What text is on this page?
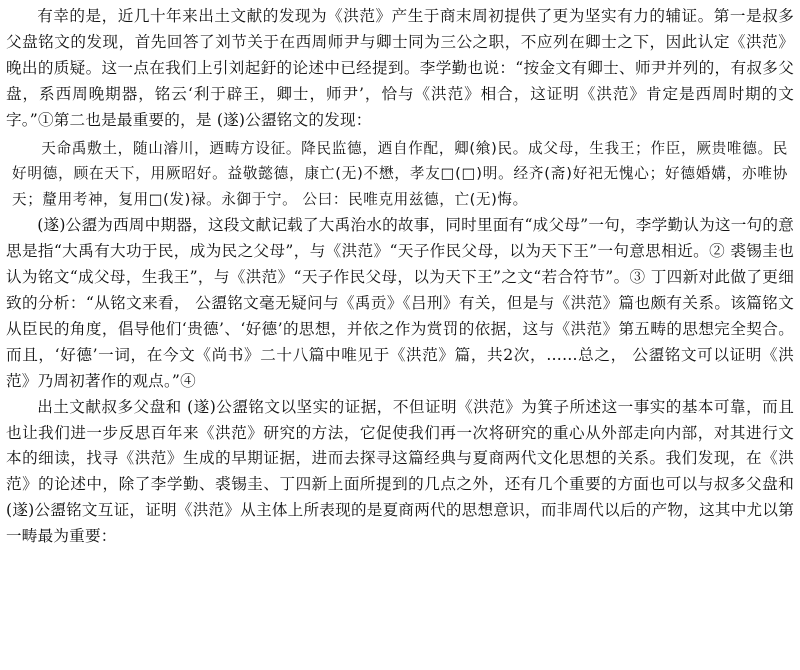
有幸的是，近几十年来出土文献的发现为《洪范》产生于商末周初提供了更为坚实有力的辅证。第一是叔多父盘铭文的发现，首先回答了刘节关于在西周师尹与卿士同为三公之职，不应列在卿士之下，因此认定《洪范》晚出的质疑。这一点在我们上引刘起釪的论述中已经提到。李学勤也说：“按金文有卿士、师尹并列的，有叔多父盘，系西周晚期器，铭云‘利于辟王，卿士，师尹’，恰与《洪范》相合，这证明《洪范》肯定是西周时期的文字。”①第二也是最重要的，是 (遂)公盨铭文的发现：

天命禹敷土，随山濬川，迺畴方设征。降民监德，迺自作配，卿(飨)民。成父母，生我王；作臣，厥贵唯德。民好明德，顾在天下，用厥昭好。益敬懿德，康亡(无)不懋，孝友□(□)明。经齐(斋)好祀无愧心；好德婚媾，亦唯协天；釐用考神，复用□(发)禄。永御于宁。 公曰：民唯克用兹德，亡(无)悔。

(遂)公盨为西周中期器，这段文献记载了大禹治水的故事，同时里面有“成父母”一句，李学勤认为这一句的意思是指“大禹有大功于民，成为民之父母”，与《洪范》“天子作民父母，以为天下王”一句意思相近。② 裘锡圭也认为铭文“成父母，生我王”，与《洪范》“天子作民父母，以为天下王”之文“若合符节”。③ 丁四新对此做了更细致的分析：“从铭文来看， 公盨铭文毫无疑问与《禹贡》《吕刑》有关，但是与《洪范》篇也颇有关系。该篇铭文从臣民的角度，倡导他们‘贵德’、‘好德’的思想，并依之作为赏罚的依据，这与《洪范》第五畴的思想完全契合。而且，‘好德’一词，在今文《尚书》二十八篇中唯见于《洪范》篇，共2次，……总之， 公盨铭文可以证明《洪范》乃周初著作的观点。”④

出土文献叔多父盘和 (遂)公盨铭文以坚实的证据，不但证明《洪范》为箕子所述这一事实的基本可靠，而且也让我们进一步反思百年来《洪范》研究的方法，它促使我们再一次将研究的重心从外部走向内部，对其进行文本的细读，找寻《洪范》生成的早期证据，进而去探寻这篇经典与夏商两代文化思想的关系。我们发现，在《洪范》的论述中，除了李学勤、裘锡圭、丁四新上面所提到的几点之外，还有几个重要的方面也可以与叔多父盘和 (遂)公盨铭文互证，证明《洪范》从主体上所表现的是夏商两代的思想意识，而非周代以后的产物，这其中尤以第一畴最为重要：
